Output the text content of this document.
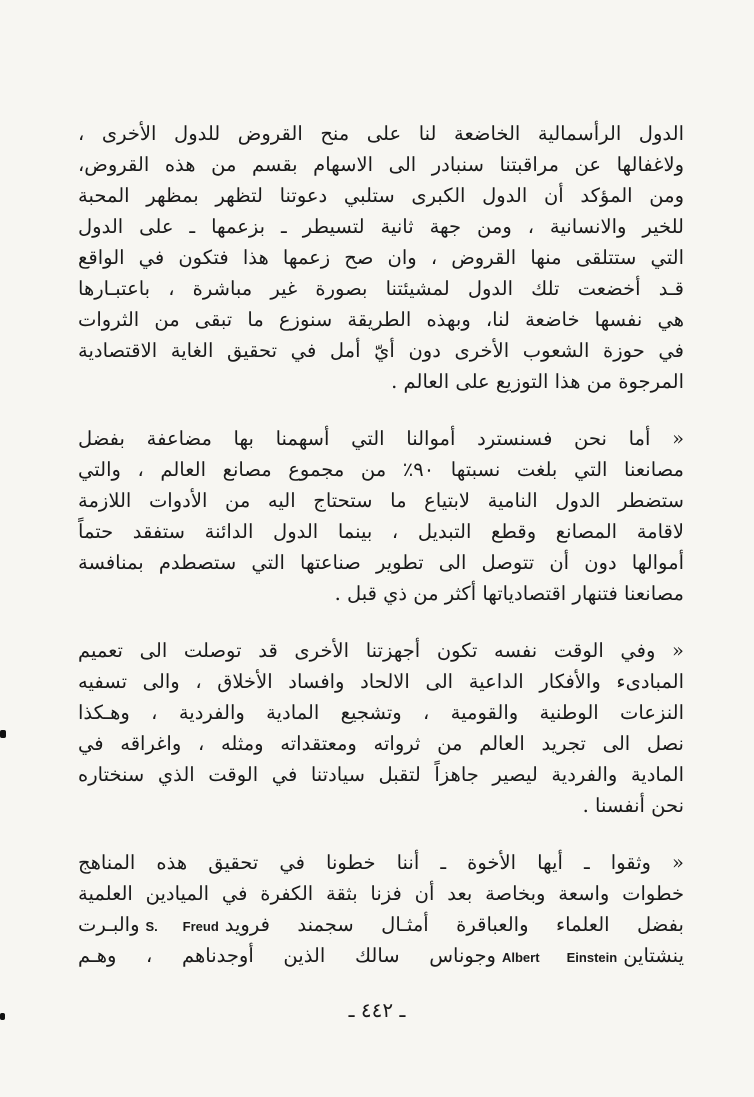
الدول الرأسمالية الخاضعة لنا على منح القروض للدول الأخرى ،
ولاغفالها عن مراقبتنا سنبادر الى الاسهام بقسم من هذه القروض،
ومن المؤكد أن الدول الكبرى ستلبي دعوتنا لتظهر بمظهر المحبة
للخير والانسانية ، ومن جهة ثانية لتسيطر ـ بزعمها ـ على الدول
التي ستتلقى منها القروض ، وان صح زعمها هذا فتكون في الواقع
قـد أخضعت تلك الدول لمشيئتنا بصورة غير مباشرة ، باعتبـارها
هي نفسها خاضعة لنا، وبهذه الطريقة سنوزع ما تبقى من الثروات
في حوزة الشعوب الأخرى دون أيّ أمل في تحقيق الغاية الاقتصادية
المرجوة من هذا التوزيع على العالم .
« أما نحن فسنسترد أموالنا التي أسهمنا بها مضاعفة بفضل
مصانعنا التي بلغت نسبتها ٩٠٪ من مجموع مصانع العالم ، والتي
ستضطر الدول النامية لابتياع ما ستحتاج اليه من الأدوات اللازمة
لاقامة المصانع وقطع التبديل ، بينما الدول الدائنة ستفقد حتماً
أموالها دون أن تتوصل الى تطوير صناعتها التي ستصطدم بمنافسة
مصانعنا فتنهار اقتصادياتها أكثر من ذي قبل .
« وفي الوقت نفسه تكون أجهزتنا الأخرى قد توصلت الى تعميم
المبادىء والأفكار الداعية الى الالحاد وافساد الأخلاق ، والى تسفيه
النزعات الوطنية والقومية ، وتشجيع المادية والفردية ، وهـكذا
نصل الى تجريد العالم من ثرواته ومعتقداته ومثله ، واغراقه في
المادية والفردية ليصير جاهزاً لتقبل سيادتنا في الوقت الذي سنختاره
نحن أنفسنا .
« وثقوا ـ أيها الأخوة ـ أننا خطونا في تحقيق هذه المناهج
خطوات واسعة وبخاصة بعد أن فزنا بثقة الكفرة في الميادين العلمية
بفضل العلماء والعباقرة أمثـال سجمند فرويدS. Freudوالبـرت
ينشتاينAlbert Einsteinوجوناس سالك الذين أوجدناهم ، وهـم
ـ ٤٤٢ ـ
